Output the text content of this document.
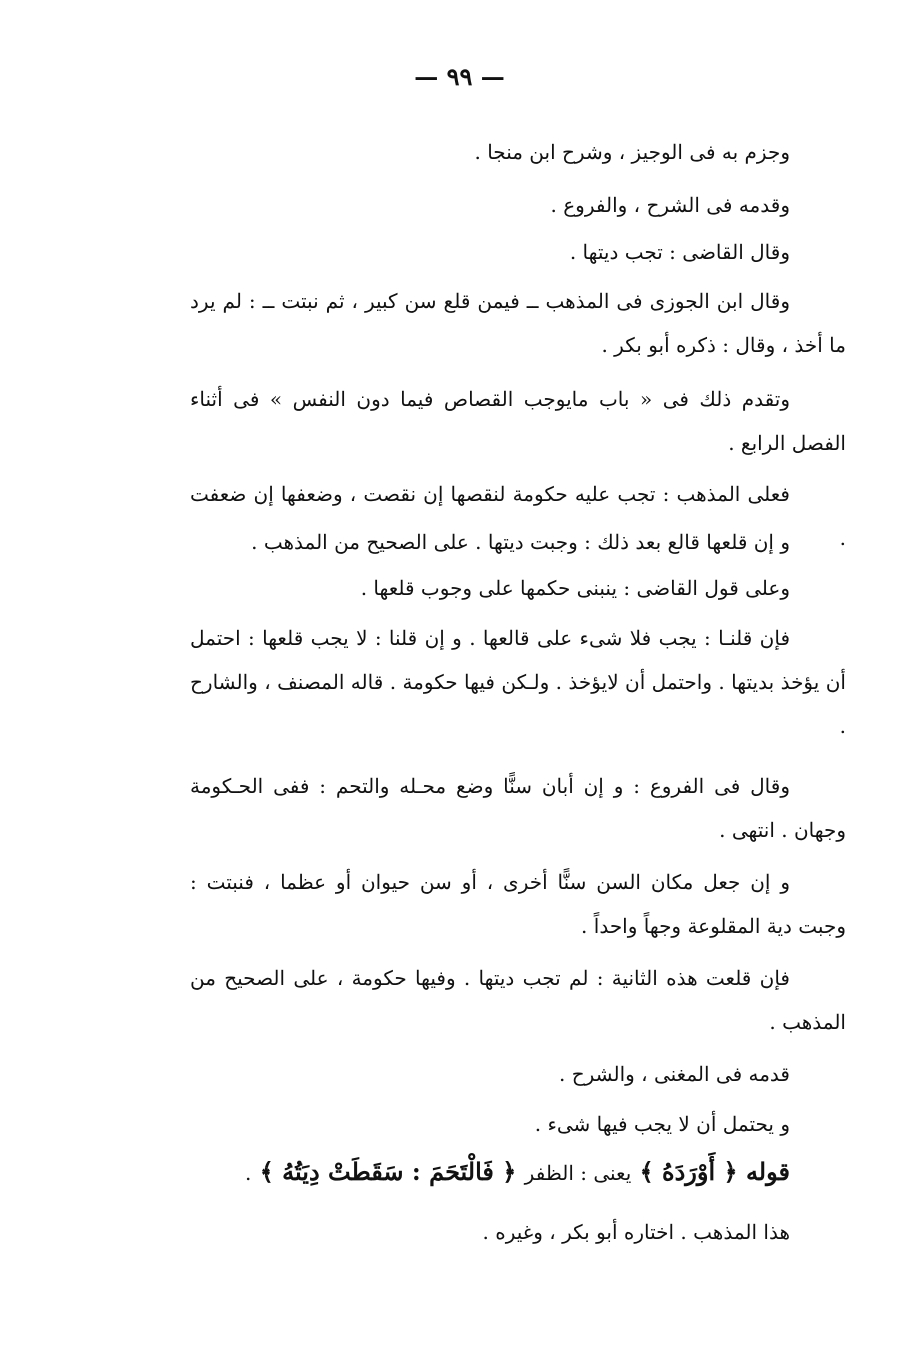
— ٩٩ —

وجزم به فى الوجيز ، وشرح ابن منجا .

وقدمه فى الشرح ، والفروع .

وقال القاضى : تجب ديتها .

وقال ابن الجوزى فى المذهب ــ فيمن قلع سن كبير ، ثم نبتت ــ : لم يرد ما أخذ ، وقال : ذكره أبو بكر .

وتقدم ذلك فى « باب مايوجب القصاص فيما دون النفس » فى أثناء الفصل الرابع .

فعلى المذهب : تجب عليه حكومة لنقصها إن نقصت ، وضعفها إن ضعفت .

و إن قلعها قالع بعد ذلك : وجبت ديتها . على الصحيح من المذهب .

وعلى قول القاضى : ينبنى حكمها على وجوب قلعها .

فإن قلنـا : يجب فلا شىء على قالعها . و إن قلنا : لا يجب قلعها : احتمل أن يؤخذ بديتها . واحتمل أن لايؤخذ . ولـكن فيها حكومة . قاله المصنف ، والشارح .

وقال فى الفروع : و إن أبان سنًّا وضع محـله والتحم : ففى الحـكومة وجهان . انتهى .

و إن جعل مكان السن سنًّا أخرى ، أو سن حيوان أو عظما ، فنبتت : وجبت دية المقلوعة وجهاً واحداً .

فإن قلعت هذه الثانية : لم تجب ديتها . وفيها حكومة ، على الصحيح من المذهب .

قدمه فى المغنى ، والشرح .

و يحتمل أن لا يجب فيها شىء .

قوله ﴿ أَوْرَدَهُ ﴾ يعنى : الظفر ﴿ فَالْتَحَمَ : سَقَطَتْ دِيَتُهُ ﴾ .

هذا المذهب . اختاره أبو بكر ، وغيره .
